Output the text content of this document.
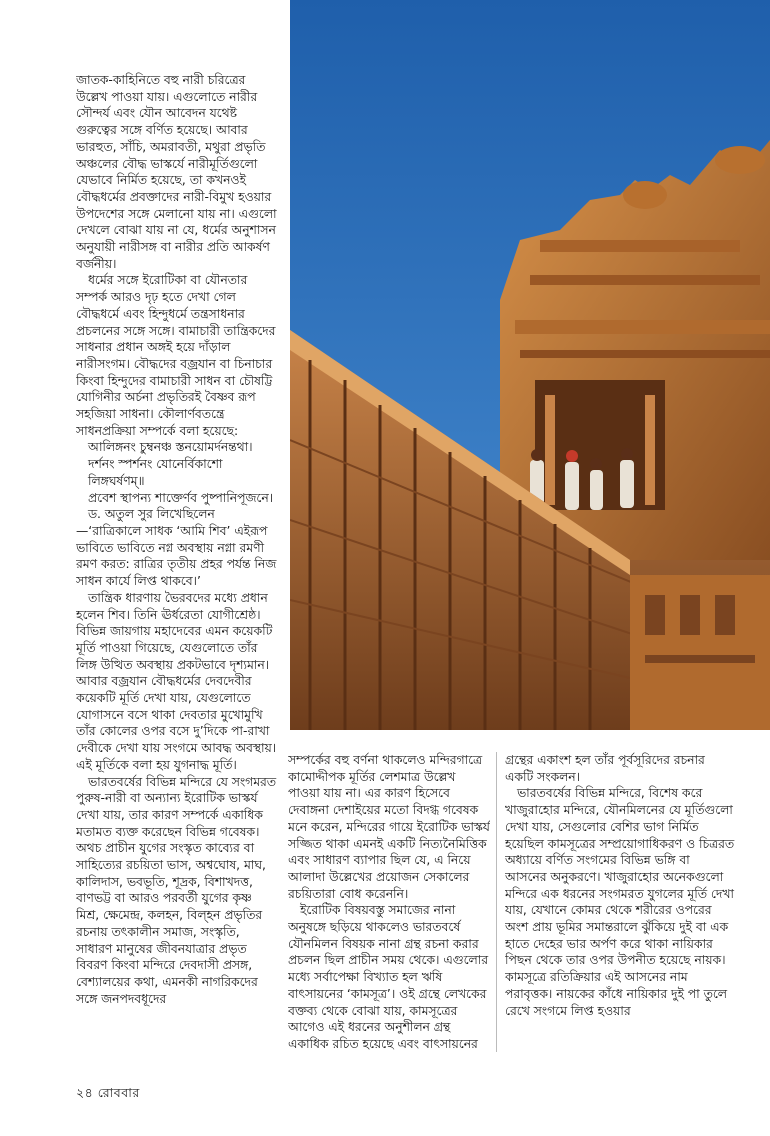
জাতক-কাহিনিতে বহু নারী চরিত্রের উল্লেখ পাওয়া যায়। এগুলোতে নারীর সৌন্দর্য এবং যৌন আবেদন যথেষ্ট গুরুত্বের সঙ্গে বর্ণিত হয়েছে। আবার ভারহুত, সাঁচি, অমরাবতী, মথুরা প্রভৃতি অঞ্চলের বৌদ্ধ ভাস্কর্যে নারীমূর্তিগুলো যেভাবে নির্মিত হয়েছে, তা কখনওই বৌদ্ধধর্মের প্রবক্তাদের নারী-বিমুখ হওয়ার উপদেশের সঙ্গে মেলানো যায় না। এগুলো দেখলে বোঝা যায় না যে, ধর্মের অনুশাসন অনুযায়ী নারীসঙ্গ বা নারীর প্রতি আকর্ষণ বর্জনীয়।

ধর্মের সঙ্গে ইরোটিকা বা যৌনতার সম্পর্ক আরও দৃঢ় হতে দেখা গেল বৌদ্ধধর্মে এবং হিন্দুধর্মে তন্ত্রসাধনার প্রচলনের সঙ্গে সঙ্গে। বামাচারী তান্ত্রিকদের সাধনার প্রধান অঙ্গই হয়ে দাঁড়াল নারীসংগম। বৌদ্ধদের বজ্রযান বা চিনাচার কিংবা হিন্দুদের বামাচারী সাধন বা চৌষট্টি যোগিনীর অর্চনা প্রভৃতিরই বৈষ্ণব রূপ সহজিয়া সাধনা। কৌলার্ণবতন্ত্রে সাধনপ্রক্রিয়া সম্পর্কে বলা হয়েছে:

আলিঙ্গনং চুম্বনঞ্চ স্তনয়োমর্দনন্তথা।

দর্শনং স্পর্শনং যোনের্বিকাশো লিঙ্গঘর্ষণম্॥

প্রবেশ স্থাপন্য শাক্তের্ণব পুষ্পানিপূজনে।

ড. অতুল সুর লিখেছিলেন—‘রাত্রিকালে সাধক ‘আমি শিব’ এইরূপ ভাবিতে ভাবিতে নগ্ন অবস্থায় নগ্না রমণী রমণ করত: রাত্রির তৃতীয় প্রহর পর্যন্ত নিজ সাধন কার্যে লিপ্ত থাকবে।’

তান্ত্রিক ধারণায় ভৈরবদের মধ্যে প্রধান হলেন শিব। তিনি ঊর্ধরেতা যোগীশ্রেষ্ঠ। বিভিন্ন জায়গায় মহাদেবের এমন কয়েকটি মূর্তি পাওয়া গিয়েছে, যেগুলোতে তাঁর লিঙ্গ উত্থিত অবস্থায় প্রকটভাবে দৃশ্যমান। আবার বজ্রযান বৌদ্ধধর্মের দেবদেবীর কয়েকটি মূর্তি দেখা যায়, যেগুলোতে যোগাসনে বসে থাকা দেবতার মুখোমুখি তাঁর কোলের ওপর বসে দু’দিকে পা-রাখা দেবীকে দেখা যায় সংগমে আবদ্ধ অবস্থায়। এই মূর্তিকে বলা হয় যুগনাদ্ধ মূর্তি।

ভারতবর্ষের বিভিন্ন মন্দিরে যে সংগমরত পুরুষ-নারী বা অন্যান্য ইরোটিক ভাস্কর্য দেখা যায়, তার কারণ সম্পর্কে একাধিক মতামত ব্যক্ত করেছেন বিভিন্ন গবেষক। অথচ প্রাচীন যুগের সংস্কৃত কাব্যের বা সাহিত্যের রচয়িতা ভাস, অশ্বঘোষ, মাঘ, কালিদাস, ভবভূতি, শূদ্রক, বিশাখদত্ত, বাণভট্ট বা আরও পরবর্তী যুগের কৃষ্ণ মিশ্র, ক্ষেমেন্দ্র, কলহন, বিল্হন প্রভৃতির রচনায় তৎকালীন সমাজ, সংস্কৃতি, সাধারণ মানুষের জীবনযাত্রার প্রভৃত বিবরণ কিংবা মন্দিরে দেবদাসী প্রসঙ্গ, বেশ্যালয়ের কথা, এমনকী নাগরিকদের সঙ্গে জনপদবধূদের

সম্পর্কের বহু বর্ণনা থাকলেও মন্দিরগাত্রে কামোদ্দীপক মূর্তির লেশমাত্র উল্লেখ পাওয়া যায় না। এর কারণ হিসেবে দেবাঙ্গনা দেশাইয়ের মতো বিদগ্ধ গবেষক মনে করেন, মন্দিরের গায়ে ইরোটিক ভাস্কর্য সজ্জিত থাকা এমনই একটি নিত্যনৈমিত্তিক এবং সাধারণ ব্যাপার ছিল যে, এ নিয়ে আলাদা উল্লেখের প্রয়োজন সেকালের রচয়িতারা বোধ করেননি।

ইরোটিক বিষয়বস্তু সমাজের নানা অনুষঙ্গে ছড়িয়ে থাকলেও ভারতবর্ষে যৌনমিলন বিষয়ক নানা গ্রন্থ রচনা করার প্রচলন ছিল প্রাচীন সময় থেকে। এগুলোর মধ্যে সর্বাপেক্ষা বিখ্যাত হল ঋষি বাৎসায়নের ‘কামসূত্র’। ওই গ্রন্থে লেখকের বক্তব্য থেকে বোঝা যায়, কামসূত্রের আগেও এই ধরনের অনুশীলন গ্রন্থ একাধিক রচিত হয়েছে এবং বাৎসায়নের

গ্রন্থের একাংশ হল তাঁর পূর্বসূরিদের রচনার একটি সংকলন।

ভারতবর্ষের বিভিন্ন মন্দিরে, বিশেষ করে খাজুরাহোর মন্দিরে, যৌনমিলনের যে মূর্তিগুলো দেখা যায়, সেগুলোর বেশির ভাগ নির্মিত হয়েছিল কামসূত্রের সম্প্রয়োগাধিকরণ ও চিত্ররত অধ্যায়ে বর্ণিত সংগমের বিভিন্ন ভঙ্গি বা আসনের অনুকরণে। খাজুরাহোর অনেকগুলো মন্দিরে এক ধরনের সংগমরত যুগলের মূর্তি দেখা যায়, যেখানে কোমর থেকে শরীরের ওপরের অংশ প্রায় ভূমির সমান্তরালে ঝুঁকিয়ে দুই বা এক হাতে দেহের ভার অর্পণ করে থাকা নায়িকার পিছন থেকে তার ওপর উপনীত হয়েছে নায়ক। কামসূত্রে রতিক্রিয়ার এই আসনের নাম পরাবৃত্তক। নায়কের কাঁধে নায়িকার দুই পা তুলে রেখে সংগমে লিপ্ত হওয়ার

২৪ রোববার
